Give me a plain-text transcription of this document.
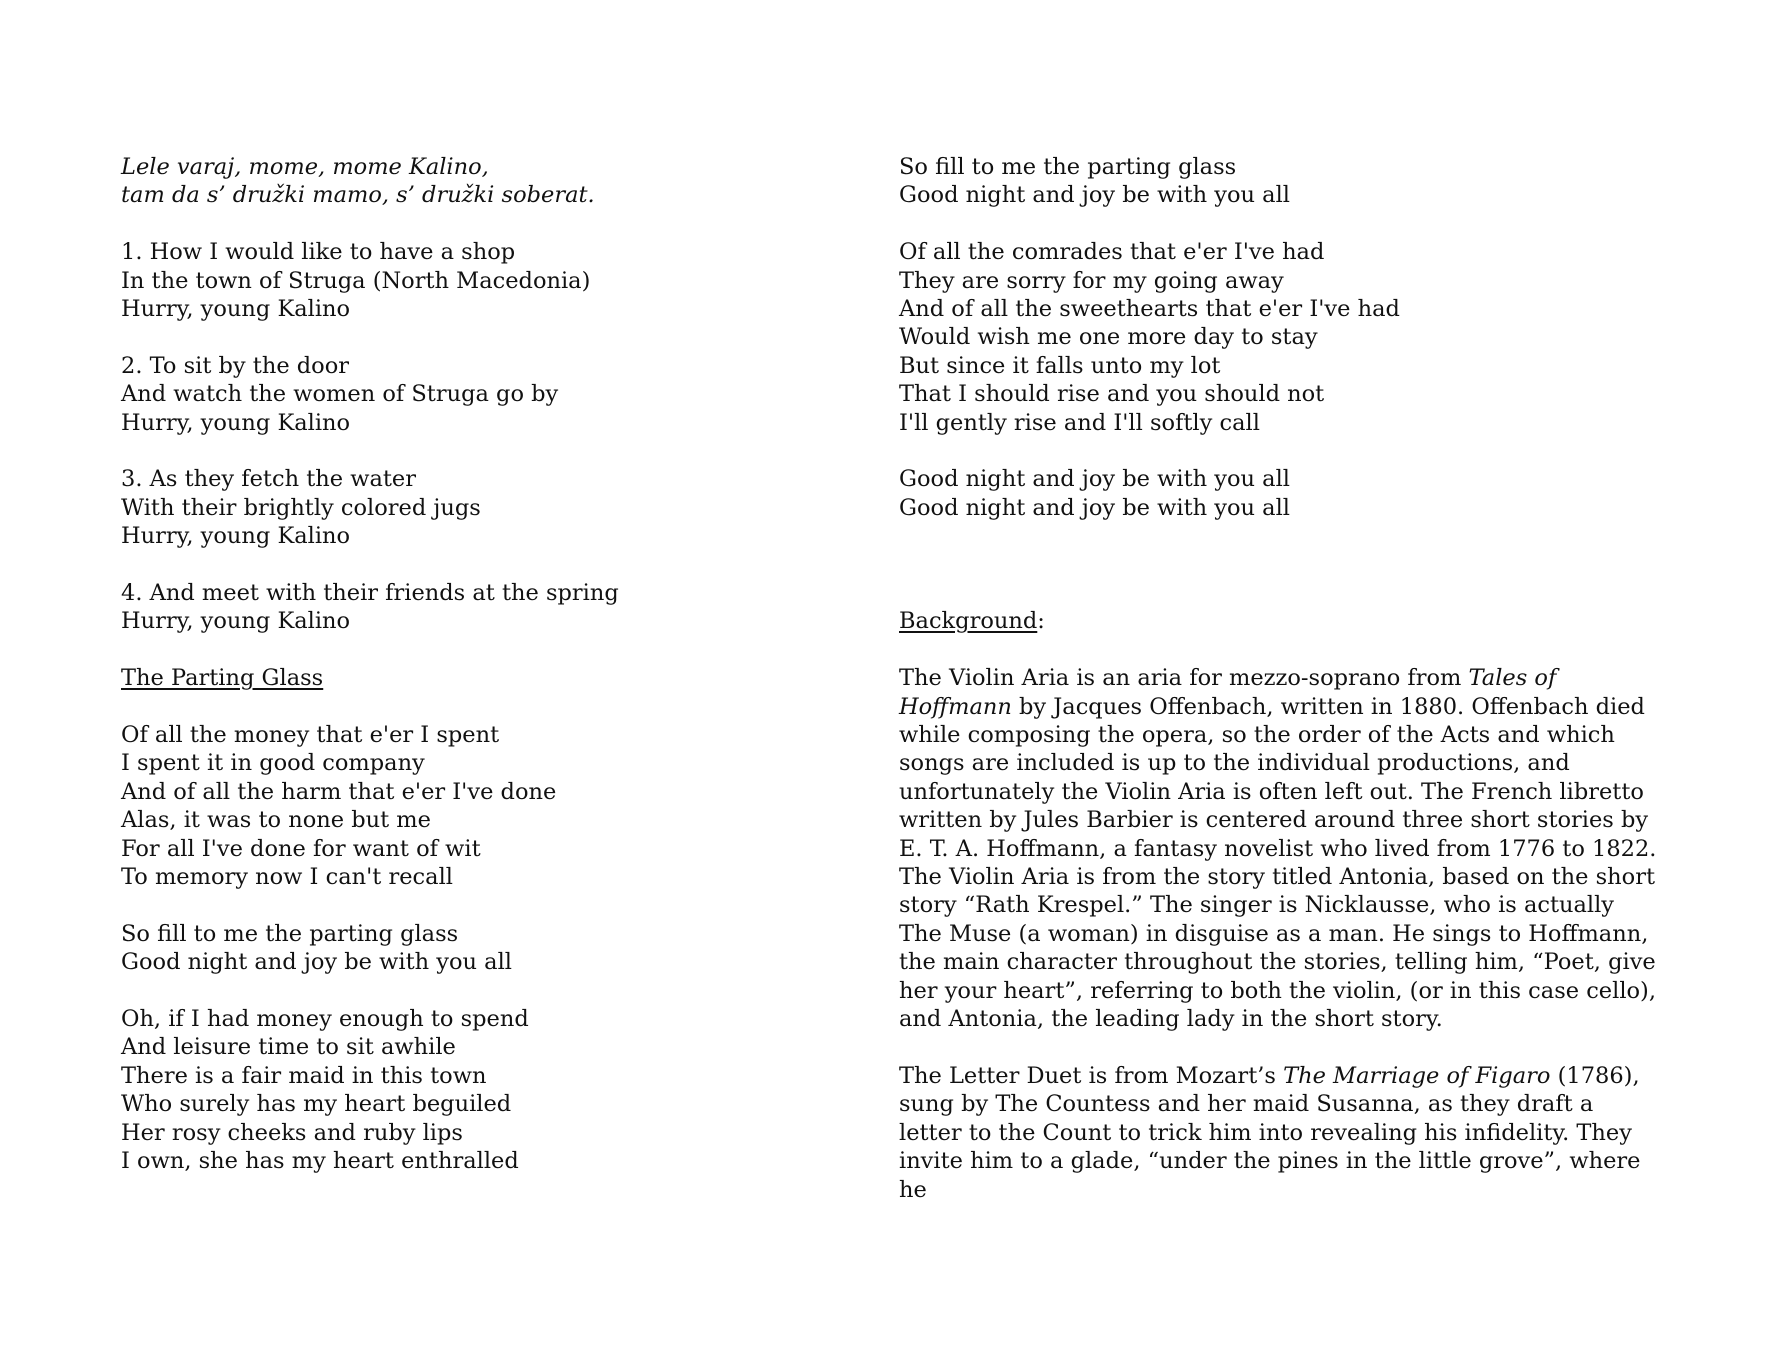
Lele varaj, mome, mome Kalino,
tam da s’ družki mamo, s’ družki soberat.
1. How I would like to have a shop
In the town of Struga (North Macedonia)
Hurry, young Kalino
2. To sit by the door
And watch the women of Struga go by
Hurry, young Kalino
3. As they fetch the water
With their brightly colored jugs
Hurry, young Kalino
4. And meet with their friends at the spring
Hurry, young Kalino
The Parting Glass
Of all the money that e'er I spent
I spent it in good company
And of all the harm that e'er I've done
Alas, it was to none but me
For all I've done for want of wit
To memory now I can't recall
So fill to me the parting glass
Good night and joy be with you all
Oh, if I had money enough to spend
And leisure time to sit awhile
There is a fair maid in this town
Who surely has my heart beguiled
Her rosy cheeks and ruby lips
I own, she has my heart enthralled
So fill to me the parting glass
Good night and joy be with you all
Of all the comrades that e'er I've had
They are sorry for my going away
And of all the sweethearts that e'er I've had
Would wish me one more day to stay
But since it falls unto my lot
That I should rise and you should not
I'll gently rise and I'll softly call
Good night and joy be with you all
Good night and joy be with you all
Background:

The Violin Aria is an aria for mezzo-soprano from Tales of Hoffmann by Jacques Offenbach, written in 1880. Offenbach died while composing the opera, so the order of the Acts and which songs are included is up to the individual productions, and unfortunately the Violin Aria is often left out. The French libretto written by Jules Barbier is centered around three short stories by E. T. A. Hoffmann, a fantasy novelist who lived from 1776 to 1822. The Violin Aria is from the story titled Antonia, based on the short story “Rath Krespel.” The singer is Nicklausse, who is actually The Muse (a woman) in disguise as a man. He sings to Hoffmann, the main character throughout the stories, telling him, “Poet, give her your heart”, referring to both the violin, (or in this case cello), and Antonia, the leading lady in the short story.

The Letter Duet is from Mozart’s The Marriage of Figaro (1786), sung by The Countess and her maid Susanna, as they draft a letter to the Count to trick him into revealing his infidelity. They invite him to a glade, “under the pines in the little grove”, where he
